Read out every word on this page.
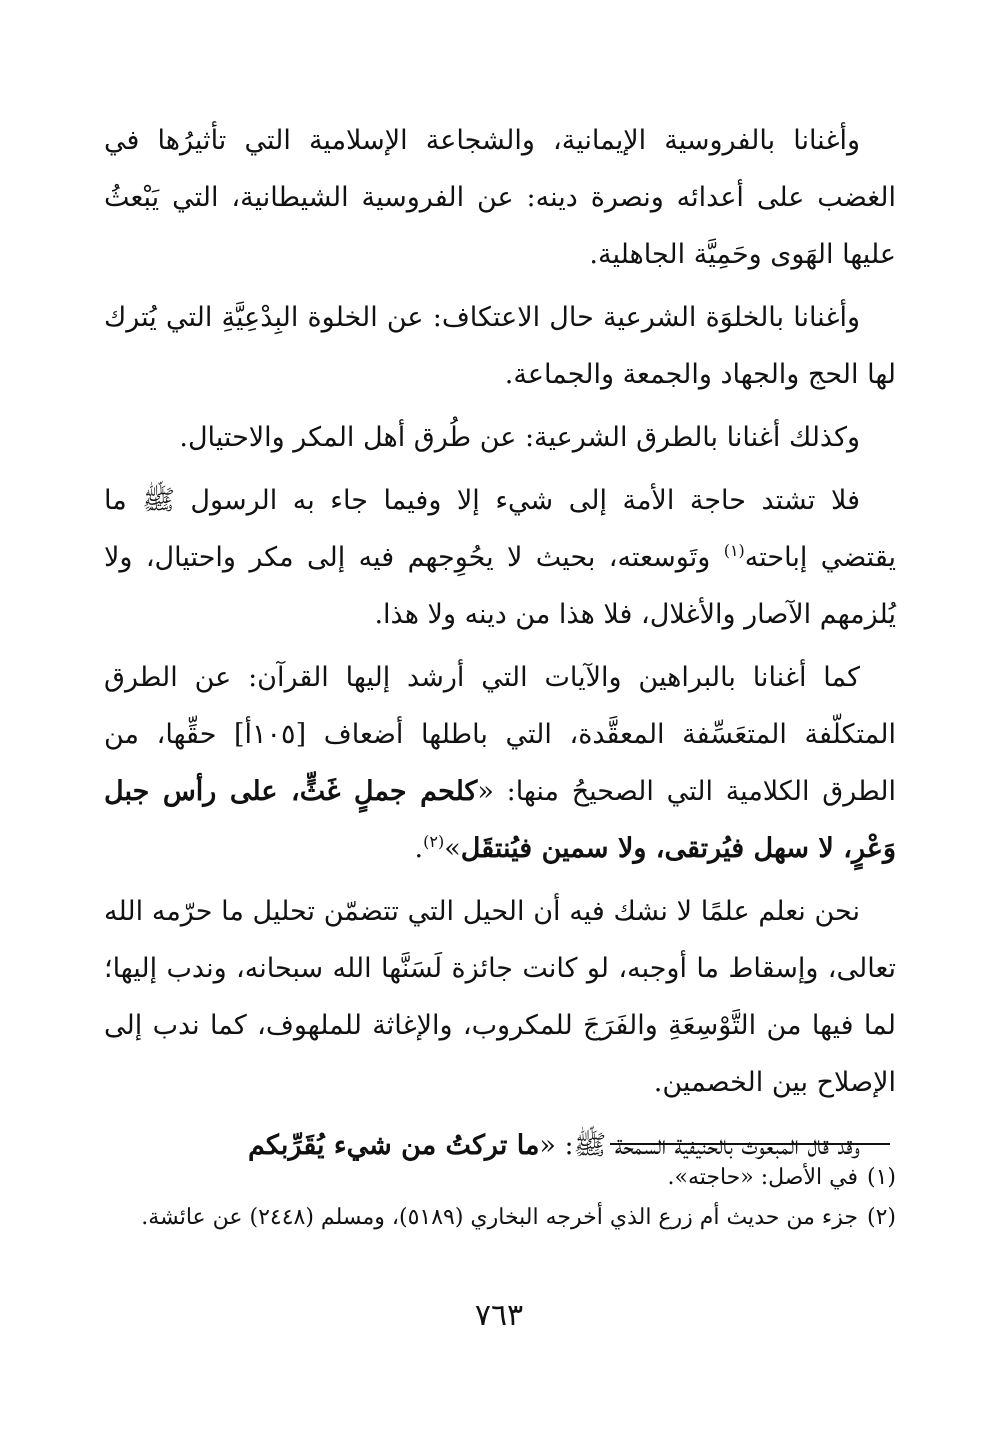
وأغنانا بالفروسية الإيمانية، والشجاعة الإسلامية التي تأثيرُها في الغضب على أعدائه ونصرة دينه: عن الفروسية الشيطانية، التي يَبْعثُ عليها الهَوى وحَمِيَّة الجاهلية.

وأغنانا بالخلوَة الشرعية حال الاعتكاف: عن الخلوة البِدْعِيَّةِ التي يُترك لها الحج والجهاد والجمعة والجماعة.

وكذلك أغنانا بالطرق الشرعية: عن طُرق أهل المكر والاحتيال.

فلا تشتد حاجة الأمة إلى شيء إلا وفيما جاء به الرسول ﷺ ما يقتضي إباحته$^{(١)}$ وتَوسعته، بحيث لا يحُوِجهم فيه إلى مكر واحتيال، ولا يُلزمهم الآصار والأغلال، فلا هذا من دينه ولا هذا.

كما أغنانا بالبراهين والآيات التي أرشد إليها القرآن: عن الطرق المتكلّفة المتعَسِّفة المعقَّدة، التي باطلها أضعاف [١٠٥أ] حقِّها، من الطرق الكلامية التي الصحيحُ منها: «كلحم جملٍ غَثٍّ، على رأس جبل وَعْرٍ، لا سهل فيُرتقى، ولا سمين فيُنتقَل»$^{(٢)}$.

نحن نعلم علمًا لا نشك فيه أن الحيل التي تتضمّن تحليل ما حرّمه الله تعالى، وإسقاط ما أوجبه، لو كانت جائزة لَسَنَّها الله سبحانه، وندب إليها؛ لما فيها من التَّوْسِعَةِ والفَرَجَ للمكروب، والإغاثة للملهوف، كما ندب إلى الإصلاح بين الخصمين.

وقد قال المبعوث بالحنيفية السمحة ﷺ: «ما تركتُ من شيء يُقَرِّبكم

(١)في الأصل: «حاجته».

(٢)جزء من حديث أم زرع الذي أخرجه البخاري (٥١٨٩)، ومسلم (٢٤٤٨) عن عائشة.

٧٦٣
